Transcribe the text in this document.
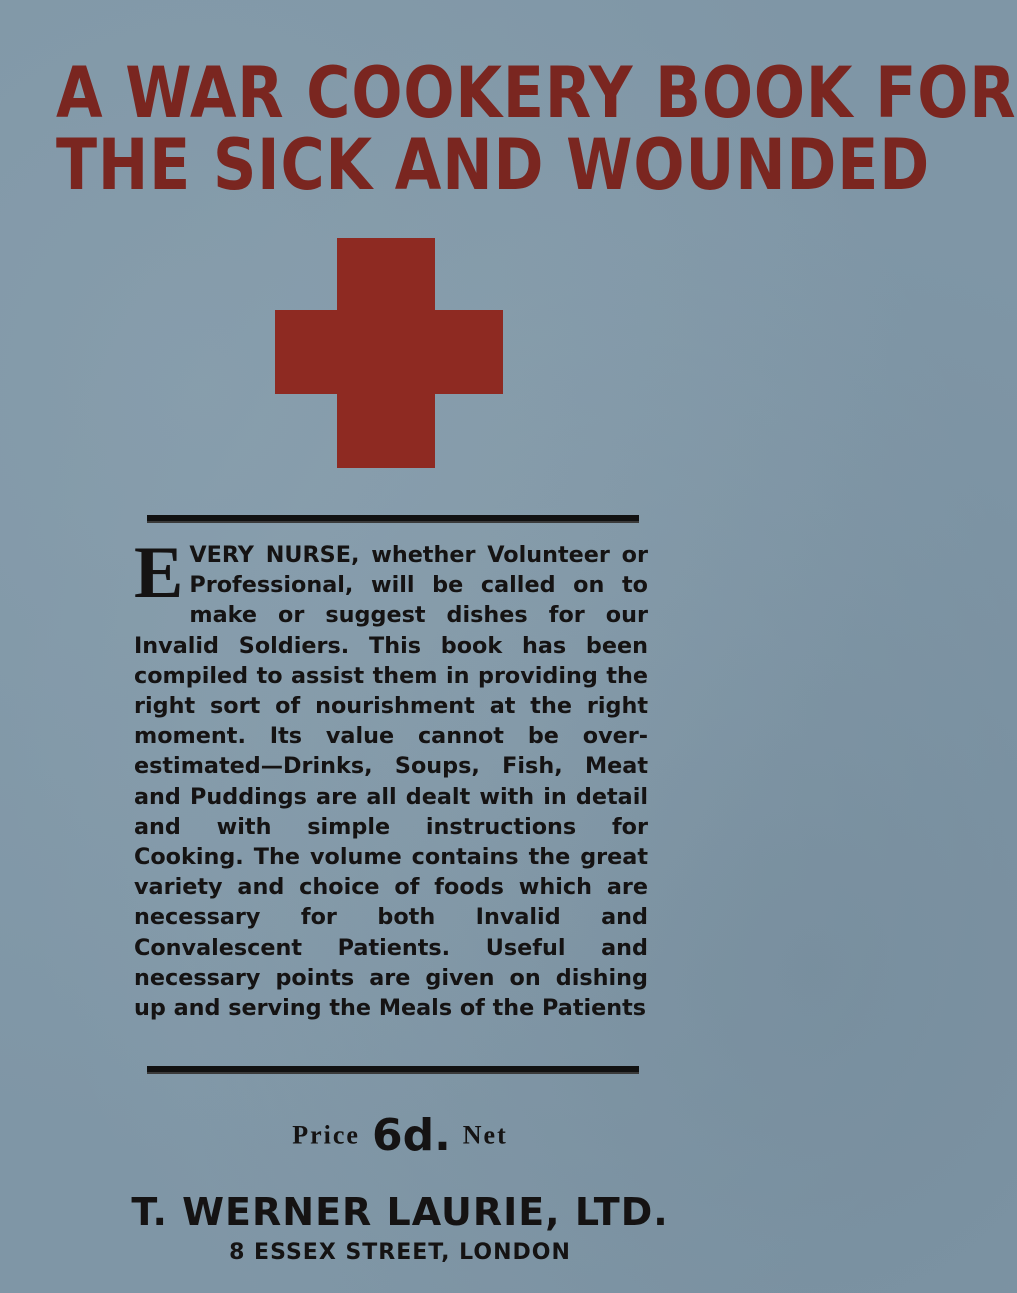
A WAR COOKERY BOOK FOR
THE SICK AND WOUNDED

EVERY NURSE, whether Volunteer or Professional, will be called on to make or suggest dishes for our Invalid Soldiers. This book has been compiled to assist them in providing the right sort of nourishment at the right moment. Its value cannot be over-estimated—Drinks, Soups, Fish, Meat and Puddings are all dealt with in detail and with simple instructions for Cooking. The volume contains the great variety and choice of foods which are necessary for both Invalid and Convalescent Patients. Useful and necessary points are given on dishing up and serving the Meals of the Patients

Price 6d. Net
T. WERNER LAURIE, LTD.
8 ESSEX STREET, LONDON
